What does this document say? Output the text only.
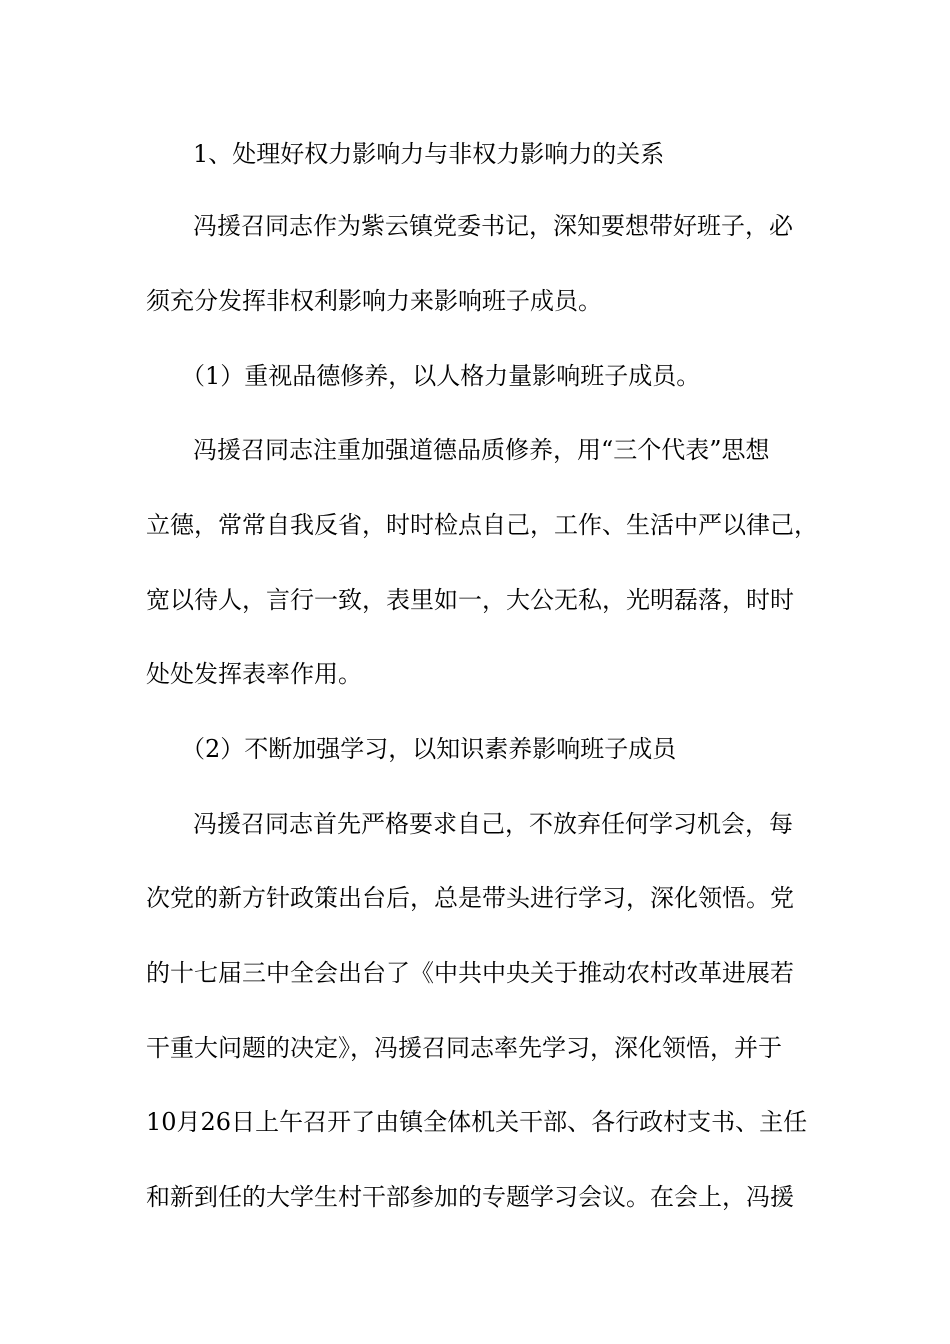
1、处理好权力影响力与非权力影响力的关系
冯援召同志作为紫云镇党委书记，深知要想带好班子，必
须充分发挥非权利影响力来影响班子成员。
（1）重视品德修养，以人格力量影响班子成员。
冯援召同志注重加强道德品质修养，用“三个代表”思想
立德，常常自我反省，时时检点自己，工作、生活中严以律己，
宽以待人，言行一致，表里如一，大公无私，光明磊落，时时
处处发挥表率作用。
（2）不断加强学习，以知识素养影响班子成员
冯援召同志首先严格要求自己，不放弃任何学习机会，每
次党的新方针政策出台后，总是带头进行学习，深化领悟。党
的十七届三中全会出台了《中共中央关于推动农村改革进展若
干重大问题的决定》，冯援召同志率先学习，深化领悟，并于
10月26日上午召开了由镇全体机关干部、各行政村支书、主任
和新到任的大学生村干部参加的专题学习会议。在会上，冯援
